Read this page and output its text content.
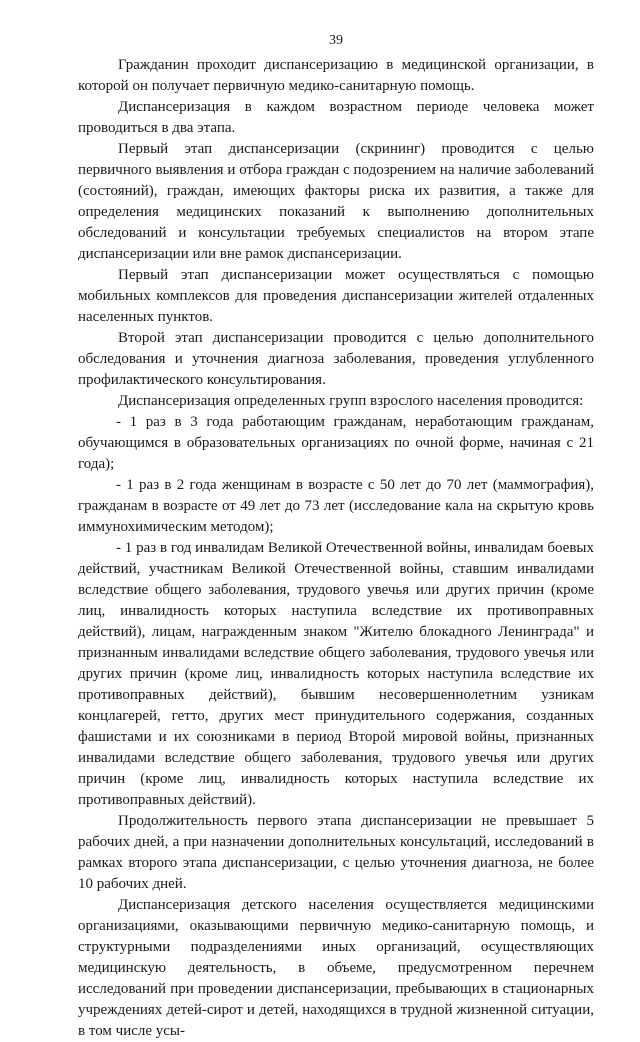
39

Гражданин проходит диспансеризацию в медицинской организации, в которой он получает первичную медико-санитарную помощь.

Диспансеризация в каждом возрастном периоде человека может проводиться в два этапа.

Первый этап диспансеризации (скрининг) проводится с целью первичного выявления и отбора граждан с подозрением на наличие заболеваний (состояний), граждан, имеющих факторы риска их развития, а также для определения медицинских показаний к выполнению дополнительных обследований и консультации требуемых специалистов на втором этапе диспансеризации или вне рамок диспансеризации.

Первый этап диспансеризации может осуществляться с помощью мобильных комплексов для проведения диспансеризации жителей отдаленных населенных пунктов.

Второй этап диспансеризации проводится с целью дополнительного обследования и уточнения диагноза заболевания, проведения углубленного профилактического консультирования.

Диспансеризация определенных групп взрослого населения проводится:

- 1 раз в 3 года работающим гражданам, неработающим гражданам, обучающимся в образовательных организациях по очной форме, начиная с 21 года);

- 1 раз в 2 года женщинам в возрасте с 50 лет до 70 лет (маммография), гражданам в возрасте от 49 лет до 73 лет (исследование кала на скрытую кровь иммунохимическим методом);

- 1 раз в год инвалидам Великой Отечественной войны, инвалидам боевых действий, участникам Великой Отечественной войны, ставшим инвалидами вследствие общего заболевания, трудового увечья или других причин (кроме лиц, инвалидность которых наступила вследствие их противоправных действий), лицам, награжденным знаком "Жителю блокадного Ленинграда" и признанным инвалидами вследствие общего заболевания, трудового увечья или других причин (кроме лиц, инвалидность которых наступила вследствие их противоправных действий), бывшим несовершеннолетним узникам концлагерей, гетто, других мест принудительного содержания, созданных фашистами и их союзниками в период Второй мировой войны, признанных инвалидами вследствие общего заболевания, трудового увечья или других причин (кроме лиц, инвалидность которых наступила вследствие их противоправных действий).

Продолжительность первого этапа диспансеризации не превышает 5 рабочих дней, а при назначении дополнительных консультаций, исследований в рамках второго этапа диспансеризации, с целью уточнения диагноза, не более 10 рабочих дней.

Диспансеризация детского населения осуществляется медицинскими организациями, оказывающими первичную медико-санитарную помощь, и структурными подразделениями иных организаций, осуществляющих медицинскую деятельность, в объеме, предусмотренном перечнем исследований при проведении диспансеризации, пребывающих в стационарных учреждениях детей-сирот и детей, находящихся в трудной жизненной ситуации, в том числе усы-
